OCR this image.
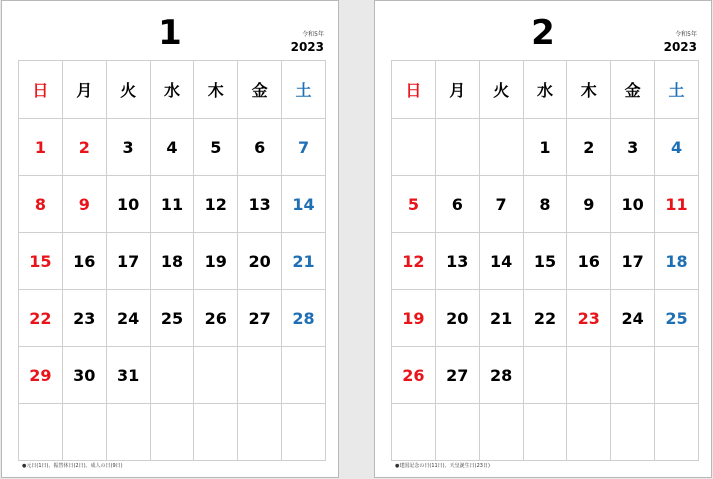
1	令和5年
2023
日	月	火	水	木	金	土
1	2	3	4	5	6	7
8	9	10	11	12	13	14
15	16	17	18	19	20	21
22	23	24	25	26	27	28
29	30	31				

●元日(1日)、振替休日(2日)、成人の日(9日)
2	令和5年
2023
日	月	火	水	木	金	土
			1	2	3	4
5	6	7	8	9	10	11
12	13	14	15	16	17	18
19	20	21	22	23	24	25
26	27	28				

●建国記念の日(11日)、天皇誕生日(23日)
